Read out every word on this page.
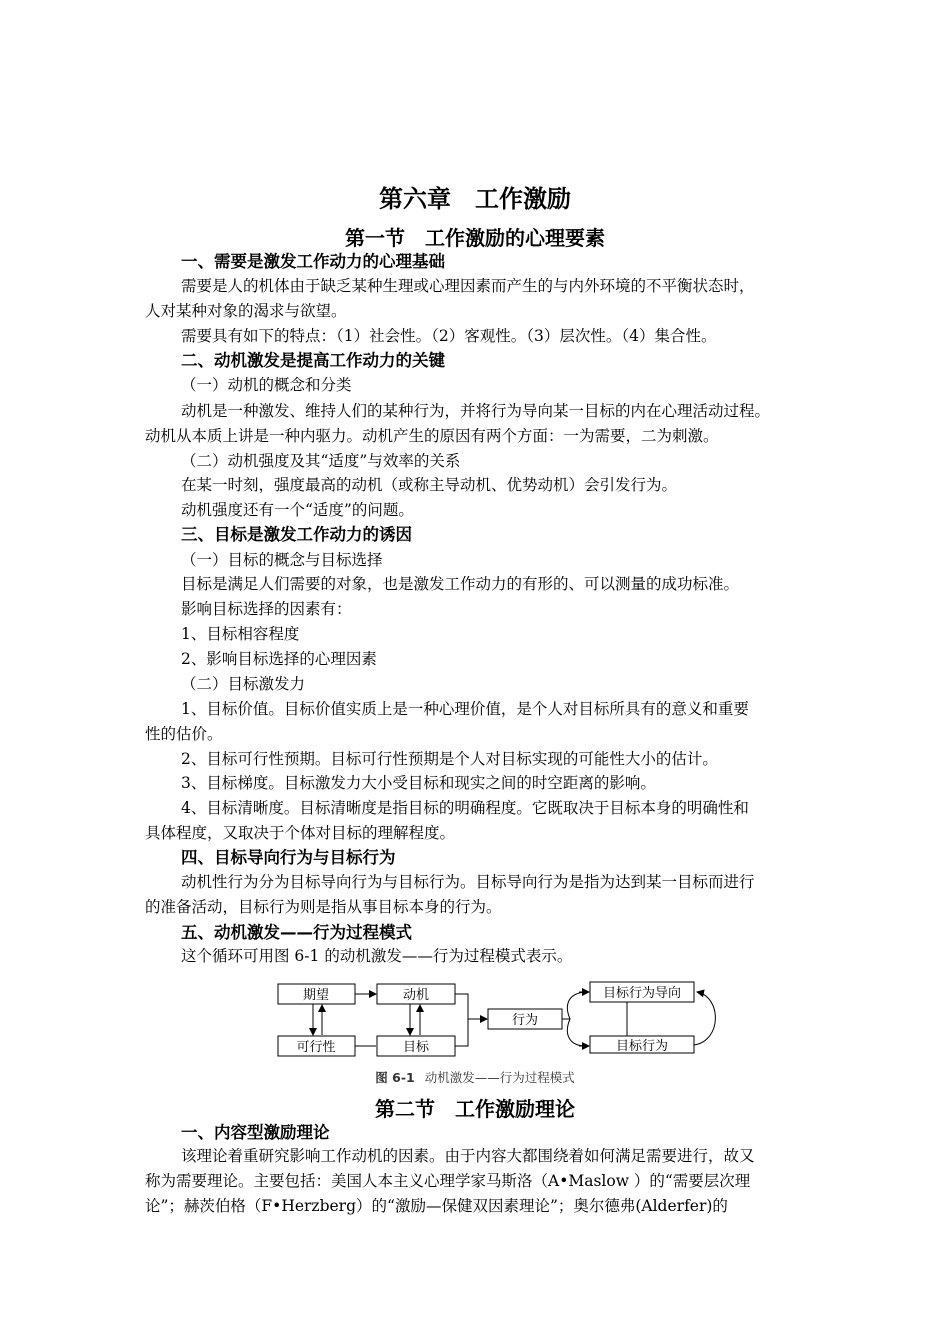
第六章　工作激励
第一节　工作激励的心理要素
一、需要是激发工作动力的心理基础
需要是人的机体由于缺乏某种生理或心理因素而产生的与内外环境的不平衡状态时，
人对某种对象的渴求与欲望。
需要具有如下的特点：（1）社会性。（2）客观性。（3）层次性。（4）集合性。
二、动机激发是提高工作动力的关键
（一）动机的概念和分类
动机是一种激发、维持人们的某种行为，并将行为导向某一目标的内在心理活动过程。
动机从本质上讲是一种内驱力。动机产生的原因有两个方面：一为需要，二为刺激。
（二）动机强度及其“适度”与效率的关系
在某一时刻，强度最高的动机（或称主导动机、优势动机）会引发行为。
动机强度还有一个“适度”的问题。
三、目标是激发工作动力的诱因
（一）目标的概念与目标选择
目标是满足人们需要的对象，也是激发工作动力的有形的、可以测量的成功标准。
影响目标选择的因素有：
1、目标相容程度
2、影响目标选择的心理因素
（二）目标激发力
1、目标价值。目标价值实质上是一种心理价值，是个人对目标所具有的意义和重要
性的估价。
2、目标可行性预期。目标可行性预期是个人对目标实现的可能性大小的估计。
3、目标梯度。目标激发力大小受目标和现实之间的时空距离的影响。
4、目标清晰度。目标清晰度是指目标的明确程度。它既取决于目标本身的明确性和
具体程度，又取决于个体对目标的理解程度。
四、目标导向行为与目标行为
动机性行为分为目标导向行为与目标行为。目标导向行为是指为达到某一目标而进行
的准备活动，目标行为则是指从事目标本身的行为。
五、动机激发——行为过程模式
这个循环可用图 6-1 的动机激发——行为过程模式表示。
期望	动机
可行性	目标
行为
目标行为导向
目标行为
图 6-1 动机激发——行为过程模式
第二节　工作激励理论
一、内容型激励理论
该理论着重研究影响工作动机的因素。由于内容大都围绕着如何满足需要进行，故又
称为需要理论。主要包括：美国人本主义心理学家马斯洛（A•Maslow ）的“需要层次理
论”；赫茨伯格（F•Herzberg）的“激励—保健双因素理论”；奥尔德弗(Alderfer)的
